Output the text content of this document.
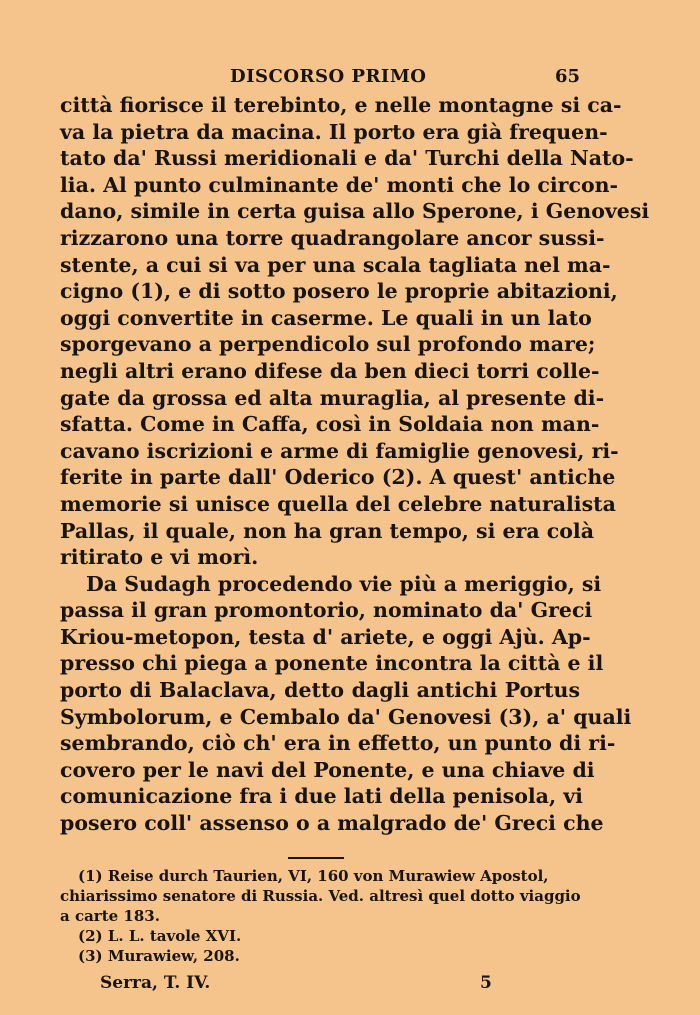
DISCORSO PRIMO	65
città fiorisce il terebinto, e nelle montagne si ca-
va la pietra da macina. Il porto era già frequen-
tato da' Russi meridionali e da' Turchi della Nato-
lia. Al punto culminante de' monti che lo circon-
dano, simile in certa guisa allo Sperone, i Genovesi
rizzarono una torre quadrangolare ancor sussi-
stente, a cui si va per una scala tagliata nel ma-
cigno (1), e di sotto posero le proprie abitazioni,
oggi convertite in caserme. Le quali in un lato
sporgevano a perpendicolo sul profondo mare;
negli altri erano difese da ben dieci torri colle-
gate da grossa ed alta muraglia, al presente di-
sfatta. Come in Caffa, così in Soldaia non man-
cavano iscrizioni e arme di famiglie genovesi, ri-
ferite in parte dall' Oderico (2). A quest' antiche
memorie si unisce quella del celebre naturalista
Pallas, il quale, non ha gran tempo, si era colà
ritirato e vi morì.
Da Sudagh procedendo vie più a meriggio, si
passa il gran promontorio, nominato da' Greci
Kriou-metopon, testa d' ariete, e oggi Ajù. Ap-
presso chi piega a ponente incontra la città e il
porto di Balaclava, detto dagli antichi Portus
Symbolorum, e Cembalo da' Genovesi (3), a' quali
sembrando, ciò ch' era in effetto, un punto di ri-
covero per le navi del Ponente, e una chiave di
comunicazione fra i due lati della penisola, vi
posero coll' assenso o a malgrado de' Greci che
(1) Reise durch Taurien, VI, 160 von Murawiew Apostol,
chiarissimo senatore di Russia. Ved. altresì quel dotto viaggio
a carte 183.
(2) L. L. tavole XVI.
(3) Murawiew, 208.
Serra, T. IV.	5
